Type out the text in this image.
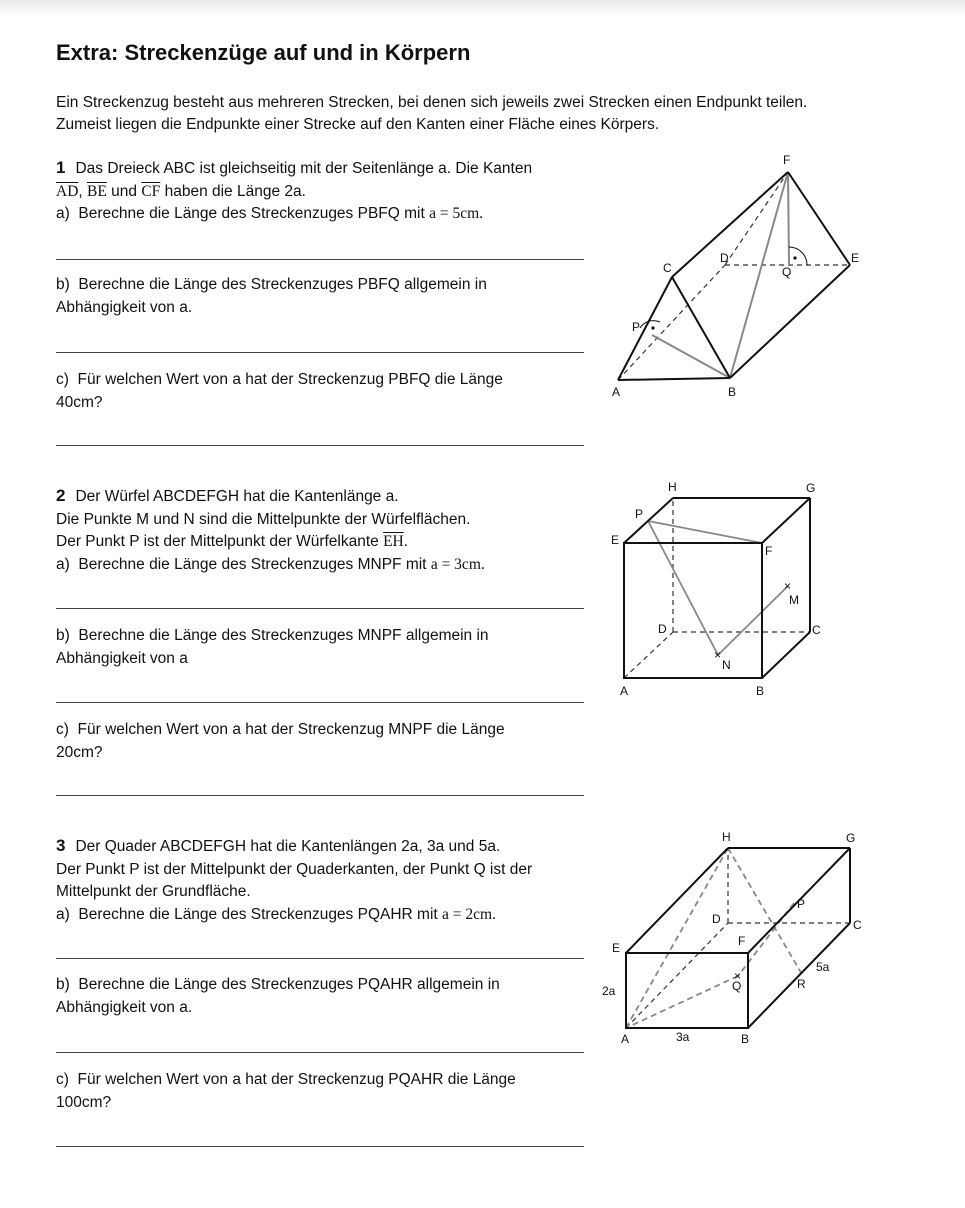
Extra: Streckenzüge auf und in Körpern
Ein Streckenzug besteht aus mehreren Strecken, bei denen sich jeweils zwei Strecken einen Endpunkt teilen.
Zumeist liegen die Endpunkte einer Strecke auf den Kanten einer Fläche eines Körpers.
1 Das Dreieck ABC ist gleichseitig mit der Seitenlänge a. Die Kanten
$\overline{AD}$, $\overline{BE}$ und $\overline{CF}$ haben die Länge 2a.
a) Berechne die Länge des Streckenzuges PBFQ mit a = 5cm.
b) Berechne die Länge des Streckenzuges PBFQ allgemein in
Abhängigkeit von a.
c) Für welchen Wert von a hat der Streckenzug PBFQ die Länge
40cm?
F
C
D	E
Q
P
A	B
2 Der Würfel ABCDEFGH hat die Kantenlänge a.
Die Punkte M und N sind die Mittelpunkte der Würfelflächen.
Der Punkt P ist der Mittelpunkt der Würfelkante $\overline{EH}$.
a) Berechne die Länge des Streckenzuges MNPF mit a = 3cm.
b) Berechne die Länge des Streckenzuges MNPF allgemein in
Abhängigkeit von a
c) Für welchen Wert von a hat der Streckenzug MNPF die Länge
20cm?
×
×
H	G
P
E
F
M
D	C
N
A	B
3 Der Quader ABCDEFGH hat die Kantenlängen 2a, 3a und 5a.
Der Punkt P ist der Mittelpunkt der Quaderkanten, der Punkt Q ist der
Mittelpunkt der Grundfläche.
a) Berechne die Länge des Streckenzuges PQAHR mit a = 2cm.
b) Berechne die Länge des Streckenzuges PQAHR allgemein in
Abhängigkeit von a.
c) Für welchen Wert von a hat der Streckenzug PQAHR die Länge
100cm?
×
H	G
P
D	C
E	F
5a
2a	Q	R
A	3a	B
